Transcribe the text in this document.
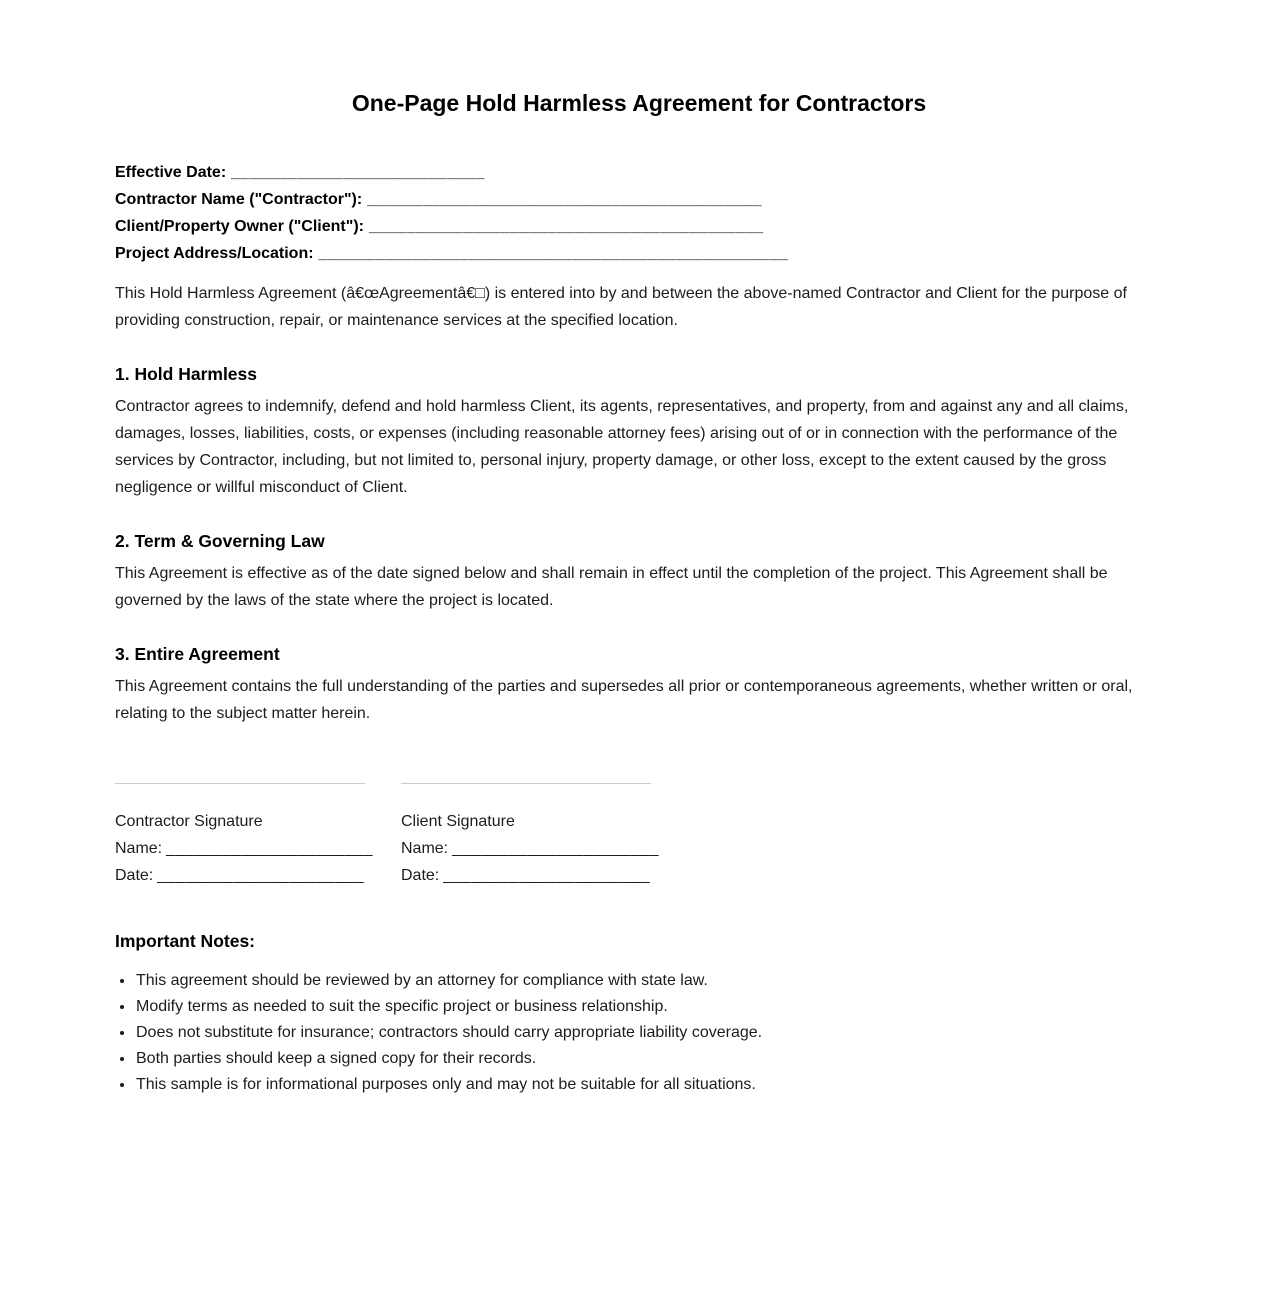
One-Page Hold Harmless Agreement for Contractors
Effective Date: ___________________________
Contractor Name ("Contractor"): __________________________________________
Client/Property Owner ("Client"): __________________________________________
Project Address/Location: __________________________________________________

This Hold Harmless Agreement (â€œAgreementâ€□) is entered into by and between the above-named Contractor and Client for the purpose of providing construction, repair, or maintenance services at the specified location.

1. Hold Harmless

Contractor agrees to indemnify, defend and hold harmless Client, its agents, representatives, and property, from and against any and all claims, damages, losses, liabilities, costs, or expenses (including reasonable attorney fees) arising out of or in connection with the performance of the services by Contractor, including, but not limited to, personal injury, property damage, or other loss, except to the extent caused by the gross negligence or willful misconduct of Client.

2. Term & Governing Law

This Agreement is effective as of the date signed below and shall remain in effect until the completion of the project. This Agreement shall be governed by the laws of the state where the project is located.

3. Entire Agreement

This Agreement contains the full understanding of the parties and supersedes all prior or contemporaneous agreements, whether written or oral, relating to the subject matter herein.

Contractor Signature
Name: ______________________
Date: ______________________
Client Signature
Name: ______________________
Date: ______________________
Important Notes:
• This agreement should be reviewed by an attorney for compliance with state law.
• Modify terms as needed to suit the specific project or business relationship.
• Does not substitute for insurance; contractors should carry appropriate liability coverage.
• Both parties should keep a signed copy for their records.
• This sample is for informational purposes only and may not be suitable for all situations.
